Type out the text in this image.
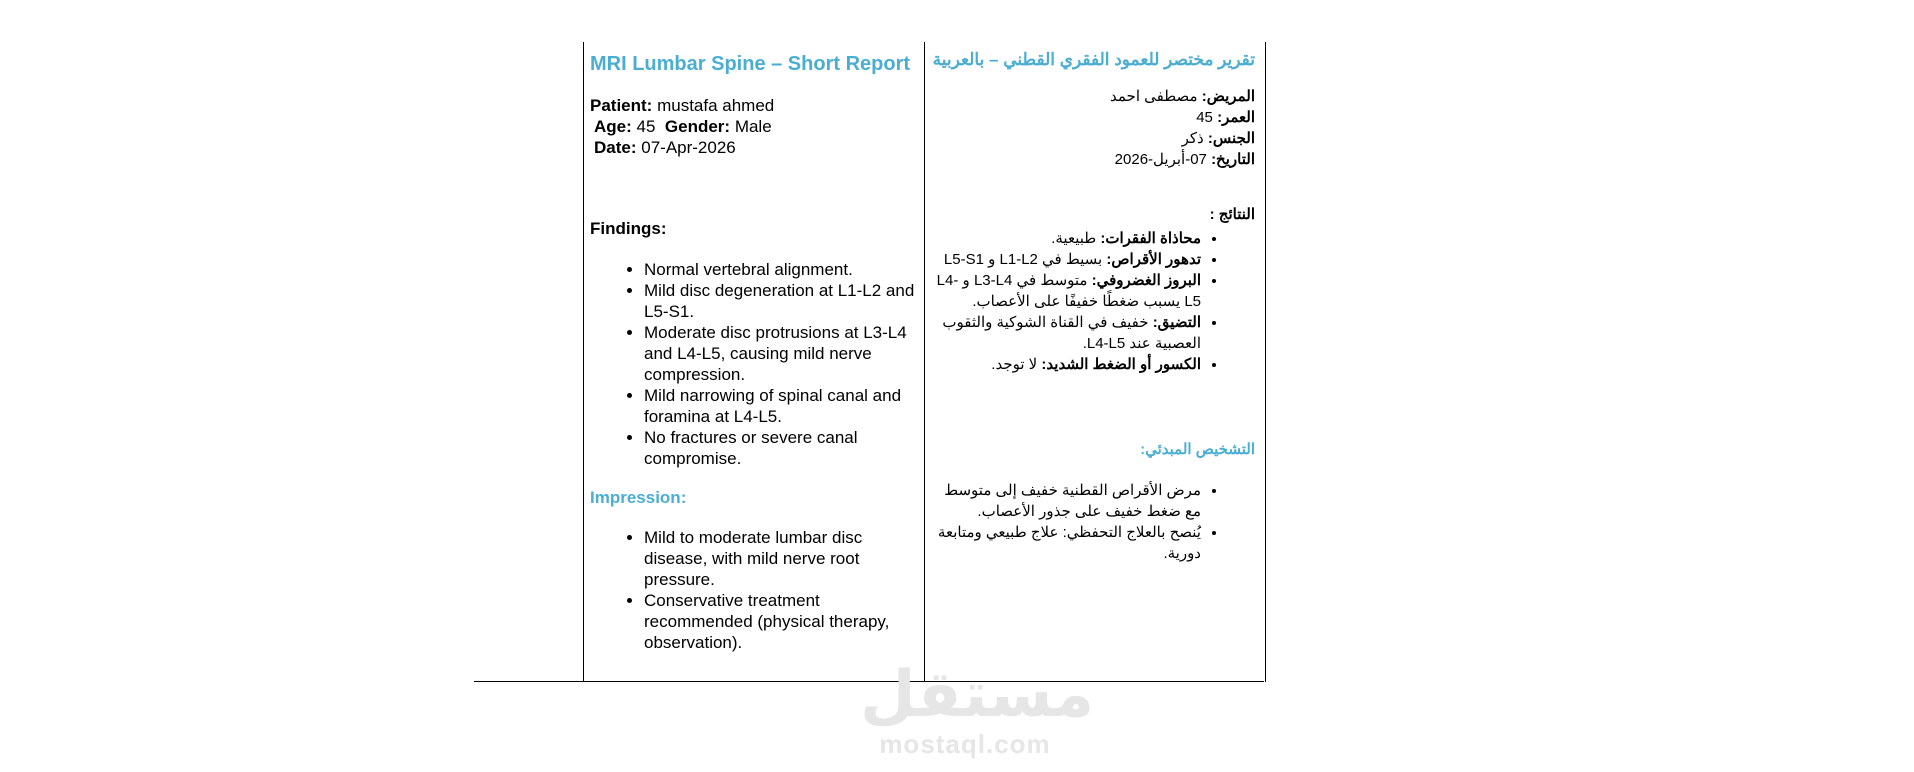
MRI Lumbar Spine – Short Report
Patient: mustafa ahmed
Age: 45 Gender: Male
Date: 07-Apr-2026
Findings:
• Normal vertebral alignment.
• Mild disc degeneration at L1-L2 and L5-S1.
• Moderate disc protrusions at L3-L4 and L4-L5, causing mild nerve compression.
• Mild narrowing of spinal canal and foramina at L4-L5.
• No fractures or severe canal compromise.
Impression:
• Mild to moderate lumbar disc disease, with mild nerve root pressure.
• Conservative treatment recommended (physical therapy, observation).
تقرير مختصر للعمود الفقري القطني – بالعربية
المريض: مصطفى احمد
العمر: 45
الجنس: ذكر
التاريخ: 07-أبريل-2026
النتائج :
• محاذاة الفقرات: طبيعية.
• تدهور الأقراص: بسيط في L1-L2 و L5-S1
• البروز الغضروفي: متوسط في L3-L4 و L4-L5 يسبب ضغطًا خفيفًا على الأعصاب.
• التضيق: خفيف في القناة الشوكية والثقوب العصبية عند L4-L5.
• الكسور أو الضغط الشديد: لا توجد.
التشخيص المبدئي:
• مرض الأقراص القطنية خفيف إلى متوسط مع ضغط خفيف على جذور الأعصاب.
• يُنصح بالعلاج التحفظي: علاج طبيعي ومتابعة دورية.
مستقل
mostaql.com
